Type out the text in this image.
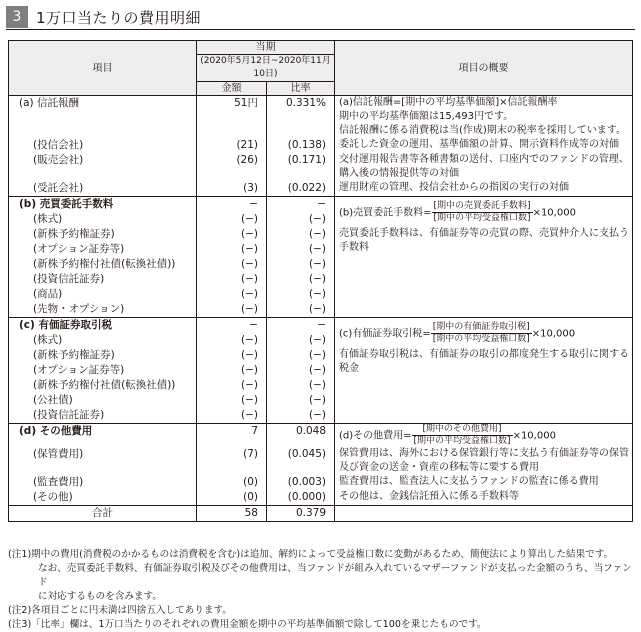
3 1万口当たりの費用明細
項目	当期		項目の概要
	(2020年5月12日~2020年11月10日)		
	金額	比率	
(a) 信託報酬	51円	0.331%	(a)信託報酬=[期中の平均基準価額]×信託報酬率
期中の平均基準価額は15,493円です。

			信託報酬に係る消費税は当(作成)期末の税率を採用しています。
(投信会社)	(21)	(0.138)	委託した資金の運用、基準価額の計算、開示資料作成等の対価
(販売会社)	(26)	(0.171)	交付運用報告書等各種書類の送付、口座内でのファンドの管理、
購入後の情報提供等の対価

(受託会社)	(3)	(0.022)	運用財産の管理、投信会社からの指図の実行の対価
(b) 売買委託手数料	−	−	(b)売買委託手数料= $\frac{\text{[期中の売買委託手数料]}}{\text{[期中の平均受益権口数]}} \times 10,000$
(株式)	(−)	(−)	
(新株予約権証券)	(−)	(−)	売買委託手数料は、有価証券等の売買の際、売買仲介人に支払う手数料
(オプション証券等)	(−)	(−)	
(新株予約権付社債(転換社債))	(−)	(−)	
(投資信託証券)	(−)	(−)	
(商品)	(−)	(−)	
(先物・オプション)	(−)	(−)	
(c) 有価証券取引税	−	−	(c)有価証券取引税= $\frac{\text{[期中の有価証券取引税]}}{\text{[期中の平均受益権口数]}} \times 10,000$
(株式)	(−)	(−)	
(新株予約権証券)	(−)	(−)	有価証券取引税は、有価証券の取引の都度発生する取引に関する
税金

(オプション証券等)	(−)	(−)	
(新株予約権付社債(転換社債))	(−)	(−)	
(公社債)	(−)	(−)	
(投資信託証券)	(−)	(−)	
(d) その他費用	7	0.048	(d)その他費用= $\frac{\text{[期中のその他費用]}}{\text{[期中の平均受益権口数]}} \times 10,000$

(保管費用)	(7)	(0.045)	保管費用は、海外における保管銀行等に支払う有価証券等の保管
及び資金の送金・資産の移転等に要する費用

(監査費用)	(0)	(0.003)	監査費用は、監査法人に支払うファンドの監査に係る費用
(その他)	(0)	(0.000)	その他は、金銭信託預入に係る手数料等
合計	58	0.379	
(注1)期中の費用(消費税のかかるものは消費税を含む)は追加、解約によって受益権口数に変動があるため、簡便法により算出した結果です。
なお、売買委託手数料、有価証券取引税及びその他費用は、当ファンドが組み入れているマザーファンドが支払った金額のうち、当ファンド
に対応するものを含みます。
(注2)各項目ごとに円未満は四捨五入してあります。
(注3)「比率」欄は、1万口当たりのそれぞれの費用金額を期中の平均基準価額で除して100を乗じたものです。
